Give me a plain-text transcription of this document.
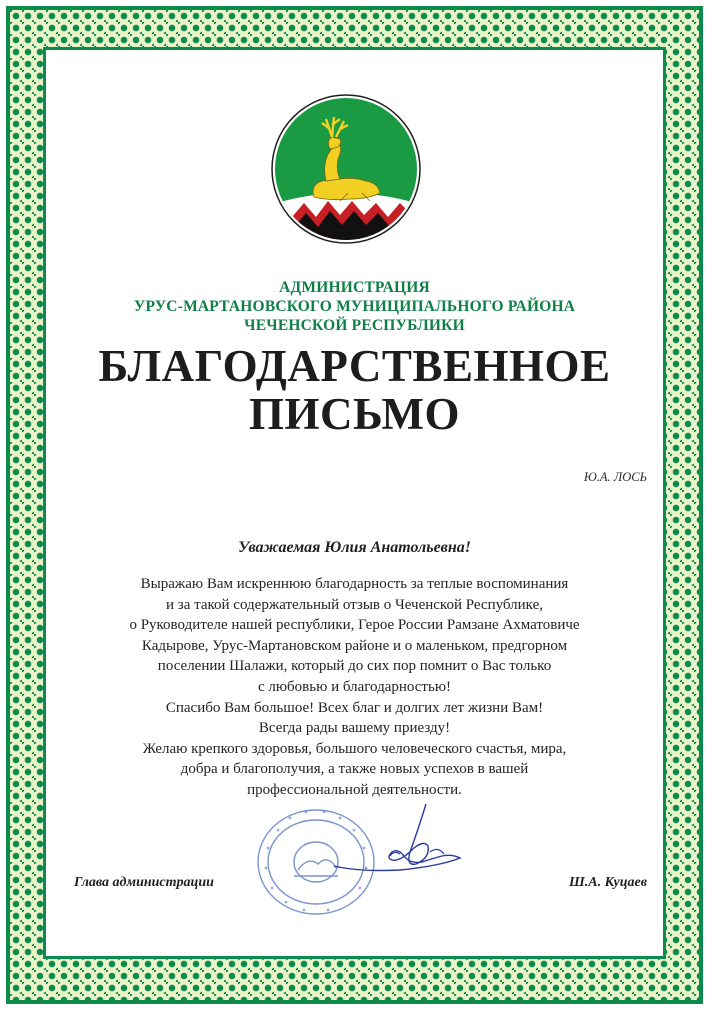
АДМИНИСТРАЦИЯ
УРУС-МАРТАНОВСКОГО МУНИЦИПАЛЬНОГО РАЙОНА
ЧЕЧЕНСКОЙ РЕСПУБЛИКИ
БЛАГОДАРСТВЕННОЕ
ПИСЬМО
Ю.А. ЛОСЬ
Уважаемая Юлия Анатольевна!
Выражаю Вам искреннюю благодарность за теплые воспоминания
и за такой содержательный отзыв о Чеченской Республике,
о Руководителе нашей республики, Герое России Рамзане Ахматовиче
Кадырове, Урус-Мартановском районе и о маленьком, предгорном
поселении Шалажи, который до сих пор помнит о Вас только
с любовью и благодарностью!
Спасибо Вам большое! Всех благ и долгих лет жизни Вам!
Всегда рады вашему приезду!
Желаю крепкого здоровья, большого человеческого счастья, мира,
добра и благополучия, а также новых успехов в вашей
профессиональной деятельности.
Глава администрации	Ш.А. Куцаев
